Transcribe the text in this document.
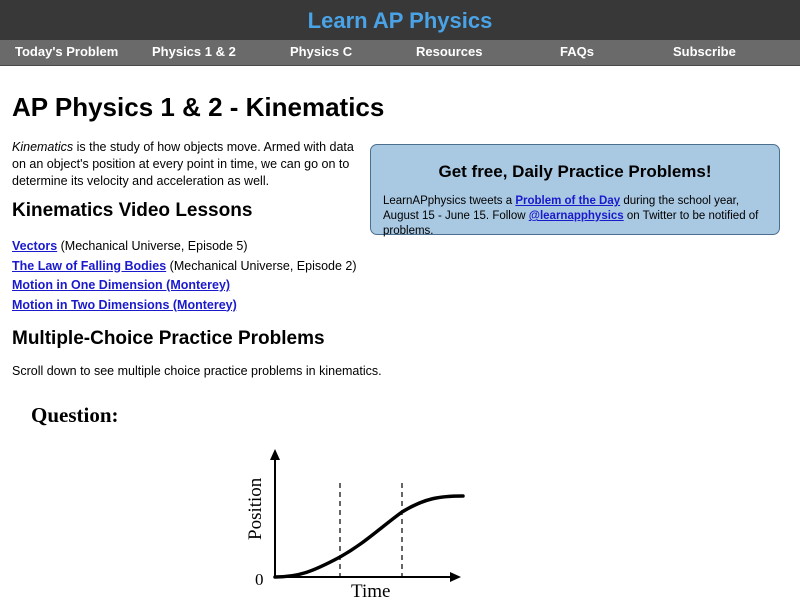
Learn AP Physics
Today's Problem	Physics 1 & 2	Physics C	Resources	FAQs	Subscribe
AP Physics 1 & 2 - Kinematics

Kinematics is the study of how objects move. Armed with data on an object's position at every point in time, we can go on to determine its velocity and acceleration as well.

Kinematics Video Lessons
Vectors (Mechanical Universe, Episode 5)
The Law of Falling Bodies (Mechanical Universe, Episode 2)
Motion in One Dimension (Monterey)
Motion in Two Dimensions (Monterey)
Multiple-Choice Practice Problems

Scroll down to see multiple choice practice problems in kinematics.

Get free, Daily Practice Problems!
LearnAPphysics tweets a Problem of the Day during the school year, August 15 - June 15. Follow @learnapphysics on Twitter to be notified of problems.
Question:
Position
Time
0
